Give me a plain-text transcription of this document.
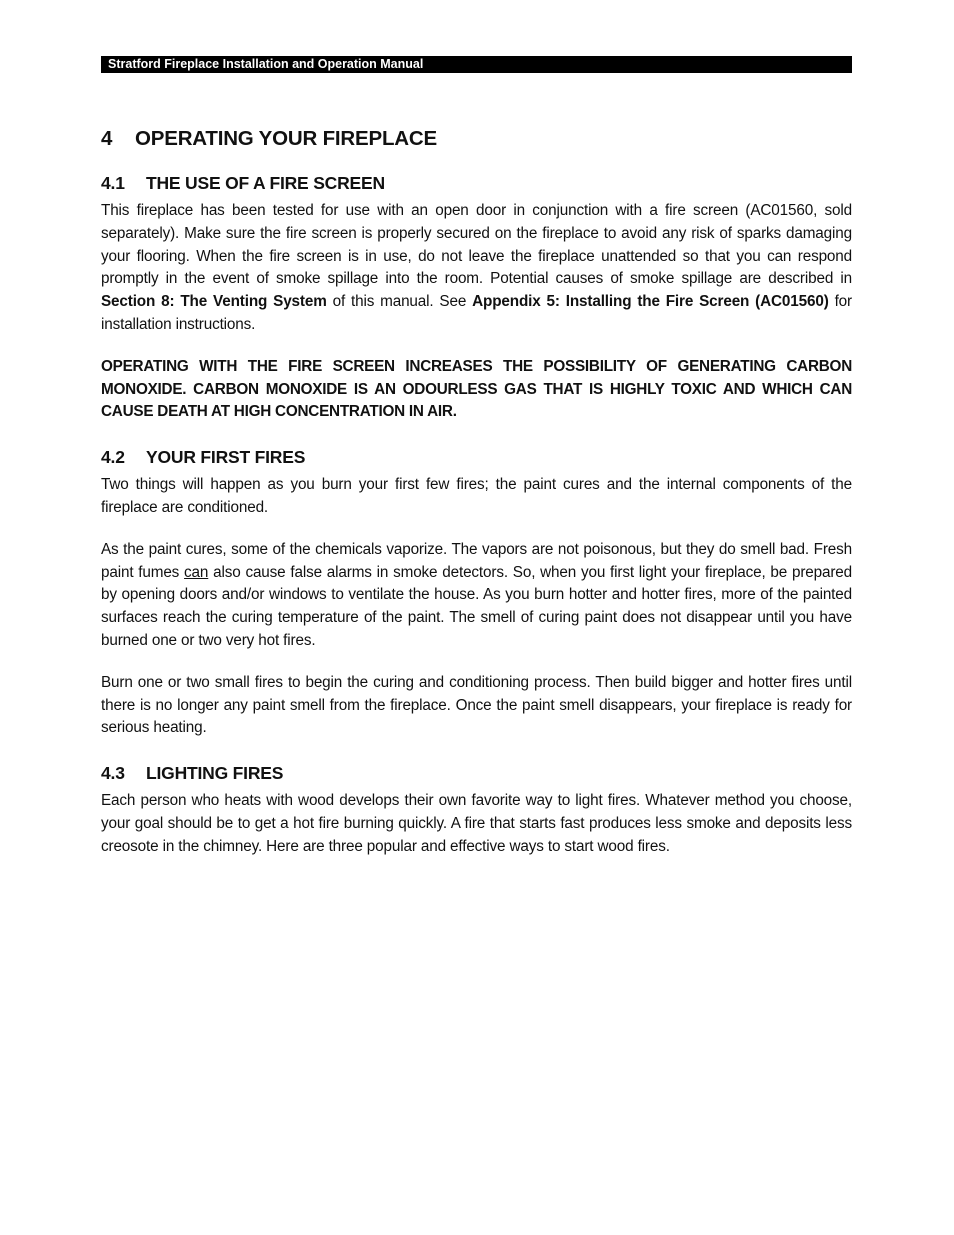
Stratford Fireplace Installation and Operation Manual
4 OPERATING YOUR FIREPLACE
4.1 THE USE OF A FIRE SCREEN

This fireplace has been tested for use with an open door in conjunction with a fire screen (AC01560, sold separately). Make sure the fire screen is properly secured on the fireplace to avoid any risk of sparks damaging your flooring. When the fire screen is in use, do not leave the fireplace unattended so that you can respond promptly in the event of smoke spillage into the room. Potential causes of smoke spillage are described in Section 8: The Venting System of this manual. See Appendix 5: Installing the Fire Screen (AC01560) for installation instructions.

OPERATING WITH THE FIRE SCREEN INCREASES THE POSSIBILITY OF GENERATING CARBON MONOXIDE. CARBON MONOXIDE IS AN ODOURLESS GAS THAT IS HIGHLY TOXIC AND WHICH CAN CAUSE DEATH AT HIGH CONCENTRATION IN AIR.

4.2 YOUR FIRST FIRES

Two things will happen as you burn your first few fires; the paint cures and the internal components of the fireplace are conditioned.

As the paint cures, some of the chemicals vaporize. The vapors are not poisonous, but they do smell bad. Fresh paint fumes can also cause false alarms in smoke detectors. So, when you first light your fireplace, be prepared by opening doors and/or windows to ventilate the house. As you burn hotter and hotter fires, more of the painted surfaces reach the curing temperature of the paint. The smell of curing paint does not disappear until you have burned one or two very hot fires.

Burn one or two small fires to begin the curing and conditioning process. Then build bigger and hotter fires until there is no longer any paint smell from the fireplace. Once the paint smell disappears, your fireplace is ready for serious heating.

4.3 LIGHTING FIRES

Each person who heats with wood develops their own favorite way to light fires. Whatever method you choose, your goal should be to get a hot fire burning quickly. A fire that starts fast produces less smoke and deposits less creosote in the chimney. Here are three popular and effective ways to start wood fires.
